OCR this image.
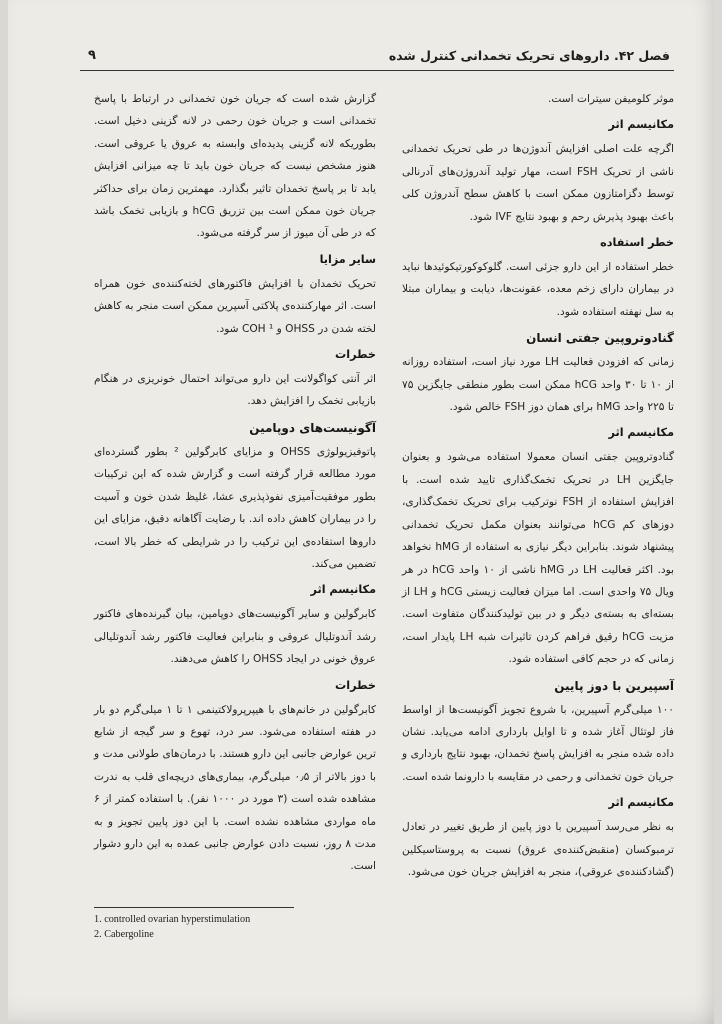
فصل ۴۲. داروهای تحریک تخمدانی کنترل شده
۹

موثر کلومیفن سیترات است.

مکانیسم اثر

اگرچه علت اصلی افزایش آندوژن‌ها در طی تحریک تخمدانی ناشی از تحریک FSH است، مهار تولید آندروژن‌های آدرنالی توسط دگزامتازون ممکن است با کاهش سطح آندروژن کلی باعث بهبود پذیرش رحم و بهبود نتایج IVF شود.

خطر استفاده

خطر استفاده از این دارو جزئی است. گلوکوکورتیکوئیدها نباید در بیماران دارای زخم معده، عفونت‌ها، دیابت و بیماران مبتلا به سل نهفته استفاده شود.

گنادوتروپین جفتی انسان

زمانی که افزودن فعالیت LH مورد نیاز است، استفاده روزانه از ۱۰ تا ۳۰ واحد hCG ممکن است بطور منطقی جایگزین ۷۵ تا ۲۲۵ واحد hMG برای همان دوز FSH خالص شود.

مکانیسم اثر

گنادوتروپین جفتی انسان معمولا استفاده می‌شود و بعنوان جایگزین LH در تحریک تخمک‌گذاری تایید شده است. با افزایش استفاده از FSH نوترکیب برای تحریک تخمک‌گذاری، دوزهای کم hCG می‌توانند بعنوان مکمل تحریک تخمدانی پیشنهاد شوند. بنابراین دیگر نیازی به استفاده از hMG نخواهد بود. اکثر فعالیت LH در hMG ناشی از ۱۰ واحد hCG در هر ویال ۷۵ واحدی است. اما میزان فعالیت زیستی hCG و LH از بسته‌ای به بسته‌ی دیگر و در بین تولیدکنندگان متفاوت است. مزیت hCG رقیق فراهم کردن تاثیرات شبه LH پایدار است، زمانی که در حجم کافی استفاده شود.

آسپیرین با دوز پایین

۱۰۰ میلی‌گرم آسپیرین، با شروع تجویز آگونیست‌ها از اواسط فاز لوتئال آغاز شده و تا اوایل بارداری ادامه می‌یابد. نشان داده شده منجر به افزایش پاسخ تخمدان، بهبود نتایج بارداری و جریان خون تخمدانی و رحمی در مقایسه با دارونما شده است.

مکانیسم اثر

به نظر می‌رسد آسپیرین با دوز پایین از طریق تغییر در تعادل ترمبوکسان (منقبض‌کننده‌ی عروق) نسبت به پروستاسیکلین (گشادکننده‌ی عروقی)، منجر به افزایش جریان خون می‌شود.

گزارش شده است که جریان خون تخمدانی در ارتباط با پاسخ تخمدانی است و جریان خون رحمی در لانه گزینی دخیل است. بطوریکه لانه گزینی پدیده‌ای وابسته به عروق یا عروقی است. هنوز مشخص نیست که جریان خون باید تا چه میزانی افزایش یابد تا بر پاسخ تخمدان تاثیر بگذارد. مهمترین زمان برای حداکثر جریان خون ممکن است بین تزریق hCG و بازیابی تخمک باشد که در طی آن میوز از سر گرفته می‌شود.

سایر مزایا

تحریک تخمدان با افزایش فاکتورهای لخته‌کننده‌ی خون همراه است. اثر مهارکننده‌ی پلاکتی آسپرین ممکن است منجر به کاهش لخته شدن در OHSS و COH ¹ شود.

خطرات

اثر آنتی کواگولانت این دارو می‌تواند احتمال خونریزی در هنگام بازیابی تخمک را افزایش دهد.

آگونیست‌های دوپامین

پاتوفیزیولوژی OHSS و مزایای کابرگولین ² بطور گسترده‌ای مورد مطالعه قرار گرفته است و گزارش شده که این ترکیبات بطور موفقیت‌آمیزی نفوذپذیری عشا، غلیظ شدن خون و آسیت را در بیماران کاهش داده اند. با رضایت آگاهانه دقیق، مزایای این داروها استفاده‌ی این ترکیب را در شرایطی که خطر بالا است، تضمین می‌کند.

مکانیسم اثر

کابرگولین و سایر آگونیست‌های دوپامین، بیان گیرنده‌های فاکتور رشد آندوتلیال عروقی و بنابراین فعالیت فاکتور رشد آندوتلیالی عروق خونی در ایجاد OHSS را کاهش می‌دهند.

خطرات

کابرگولین در خانم‌های با هیپرپرولاکتینمی ۱ تا ۱ میلی‌گرم دو بار در هفته استفاده می‌شود. سر درد، تهوع و سر گیجه از شایع ترین عوارض جانبی این دارو هستند. با درمان‌های طولانی مدت و با دوز بالاتر از ۰٫۵ میلی‌گرم، بیماری‌های دریچه‌ای قلب به ندرت مشاهده شده است (۳ مورد در ۱۰۰۰ نفر). با استفاده کمتر از ۶ ماه مواردی مشاهده نشده است. با این دوز پایین تجویز و به مدت ۸ روز، نسبت دادن عوارض جانبی عمده به این دارو دشوار است.

1. controlled ovarian hyperstimulation
2. Cabergoline
